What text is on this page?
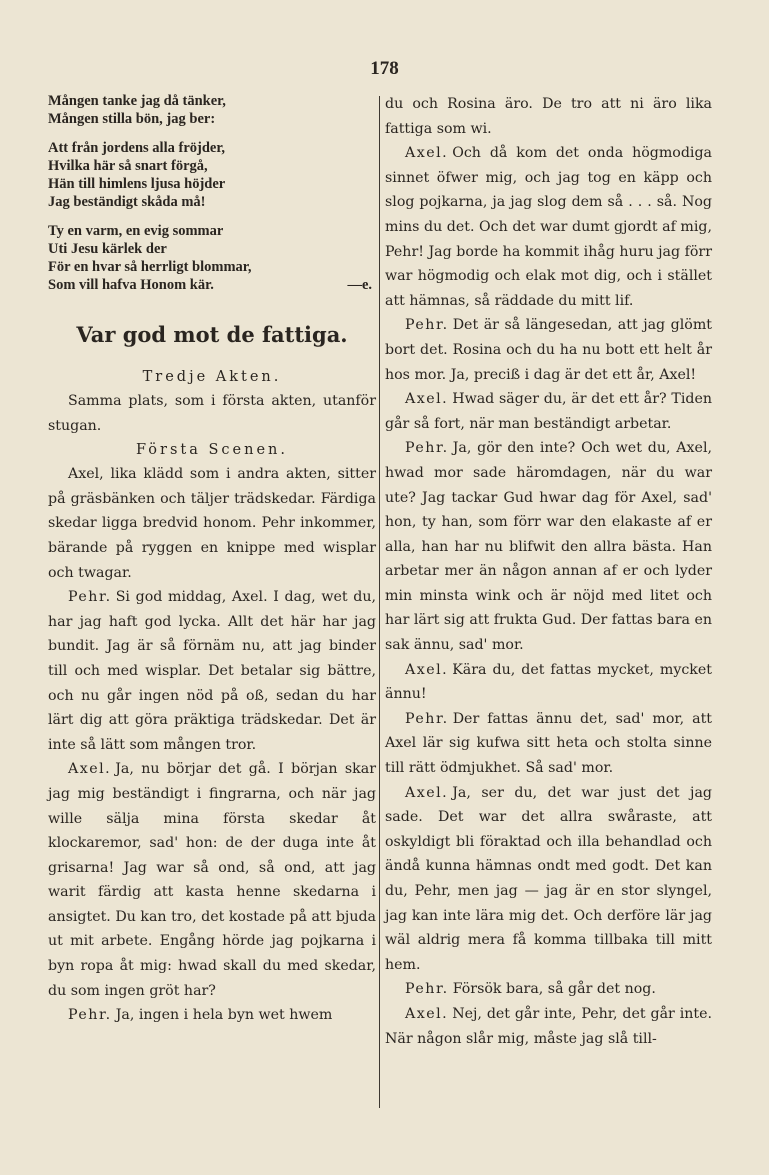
178
Mången tanke jag då tänker,
Mången stilla bön, jag ber:
Att från jordens alla fröjder,
Hvilka här så snart förgå,
Hän till himlens ljusa höjder
Jag beständigt skåda må!
Ty en varm, en evig sommar
Uti Jesu kärlek der
För en hvar så herrligt blommar,
Som vill hafva Honom kär.	—e.
Var god mot de fattiga.
Tredje Akten.
Samma plats, som i första akten, utanför stugan.
Första Scenen.
Axel, lika klädd som i andra akten, sitter på gräsbänken och täljer trädskedar. Färdiga skedar ligga bredvid honom. Pehr inkommer, bärande på ryggen en knippe med wisplar och twagar.
Pehr. Si god middag, Axel. I dag, wet du, har jag haft god lycka. Allt det här har jag bundit. Jag är så förnäm nu, att jag binder till och med wisplar. Det betalar sig bättre, och nu går ingen nöd på oß, sedan du har lärt dig att göra präktiga trädskedar. Det är inte så lätt som mången tror.
Axel. Ja, nu börjar det gå. I början skar jag mig beständigt i fingrarna, och när jag wille sälja mina första skedar åt klockaremor, sad' hon: de der duga inte åt grisarna! Jag war så ond, så ond, att jag warit färdig att kasta henne skedarna i ansigtet. Du kan tro, det kostade på att bjuda ut mit arbete. Engång hörde jag pojkarna i byn ropa åt mig: hwad skall du med skedar, du som ingen gröt har?
Pehr. Ja, ingen i hela byn wet hwem
du och Rosina äro. De tro att ni äro lika fattiga som wi.
Axel. Och då kom det onda högmodiga sinnet öfwer mig, och jag tog en käpp och slog pojkarna, ja jag slog dem så . . . så. Nog mins du det. Och det war dumt gjordt af mig, Pehr! Jag borde ha kommit ihåg huru jag förr war högmodig och elak mot dig, och i stället att hämnas, så räddade du mitt lif.
Pehr. Det är så längesedan, att jag glömt bort det. Rosina och du ha nu bott ett helt år hos mor. Ja, preciß i dag är det ett år, Axel!
Axel. Hwad säger du, är det ett år? Tiden går så fort, när man beständigt arbetar.
Pehr. Ja, gör den inte? Och wet du, Axel, hwad mor sade häromdagen, när du war ute? Jag tackar Gud hwar dag för Axel, sad' hon, ty han, som förr war den elakaste af er alla, han har nu blifwit den allra bästa. Han arbetar mer än någon annan af er och lyder min minsta wink och är nöjd med litet och har lärt sig att frukta Gud. Der fattas bara en sak ännu, sad' mor.
Axel. Kära du, det fattas mycket, mycket ännu!
Pehr. Der fattas ännu det, sad' mor, att Axel lär sig kufwa sitt heta och stolta sinne till rätt ödmjukhet. Så sad' mor.
Axel. Ja, ser du, det war just det jag sade. Det war det allra swåraste, att oskyldigt bli föraktad och illa behandlad och ändå kunna hämnas ondt med godt. Det kan du, Pehr, men jag — jag är en stor slyngel, jag kan inte lära mig det. Och derföre lär jag wäl aldrig mera få komma tillbaka till mitt hem.
Pehr. Försök bara, så går det nog.
Axel. Nej, det går inte, Pehr, det går inte. När någon slår mig, måste jag slå till-
